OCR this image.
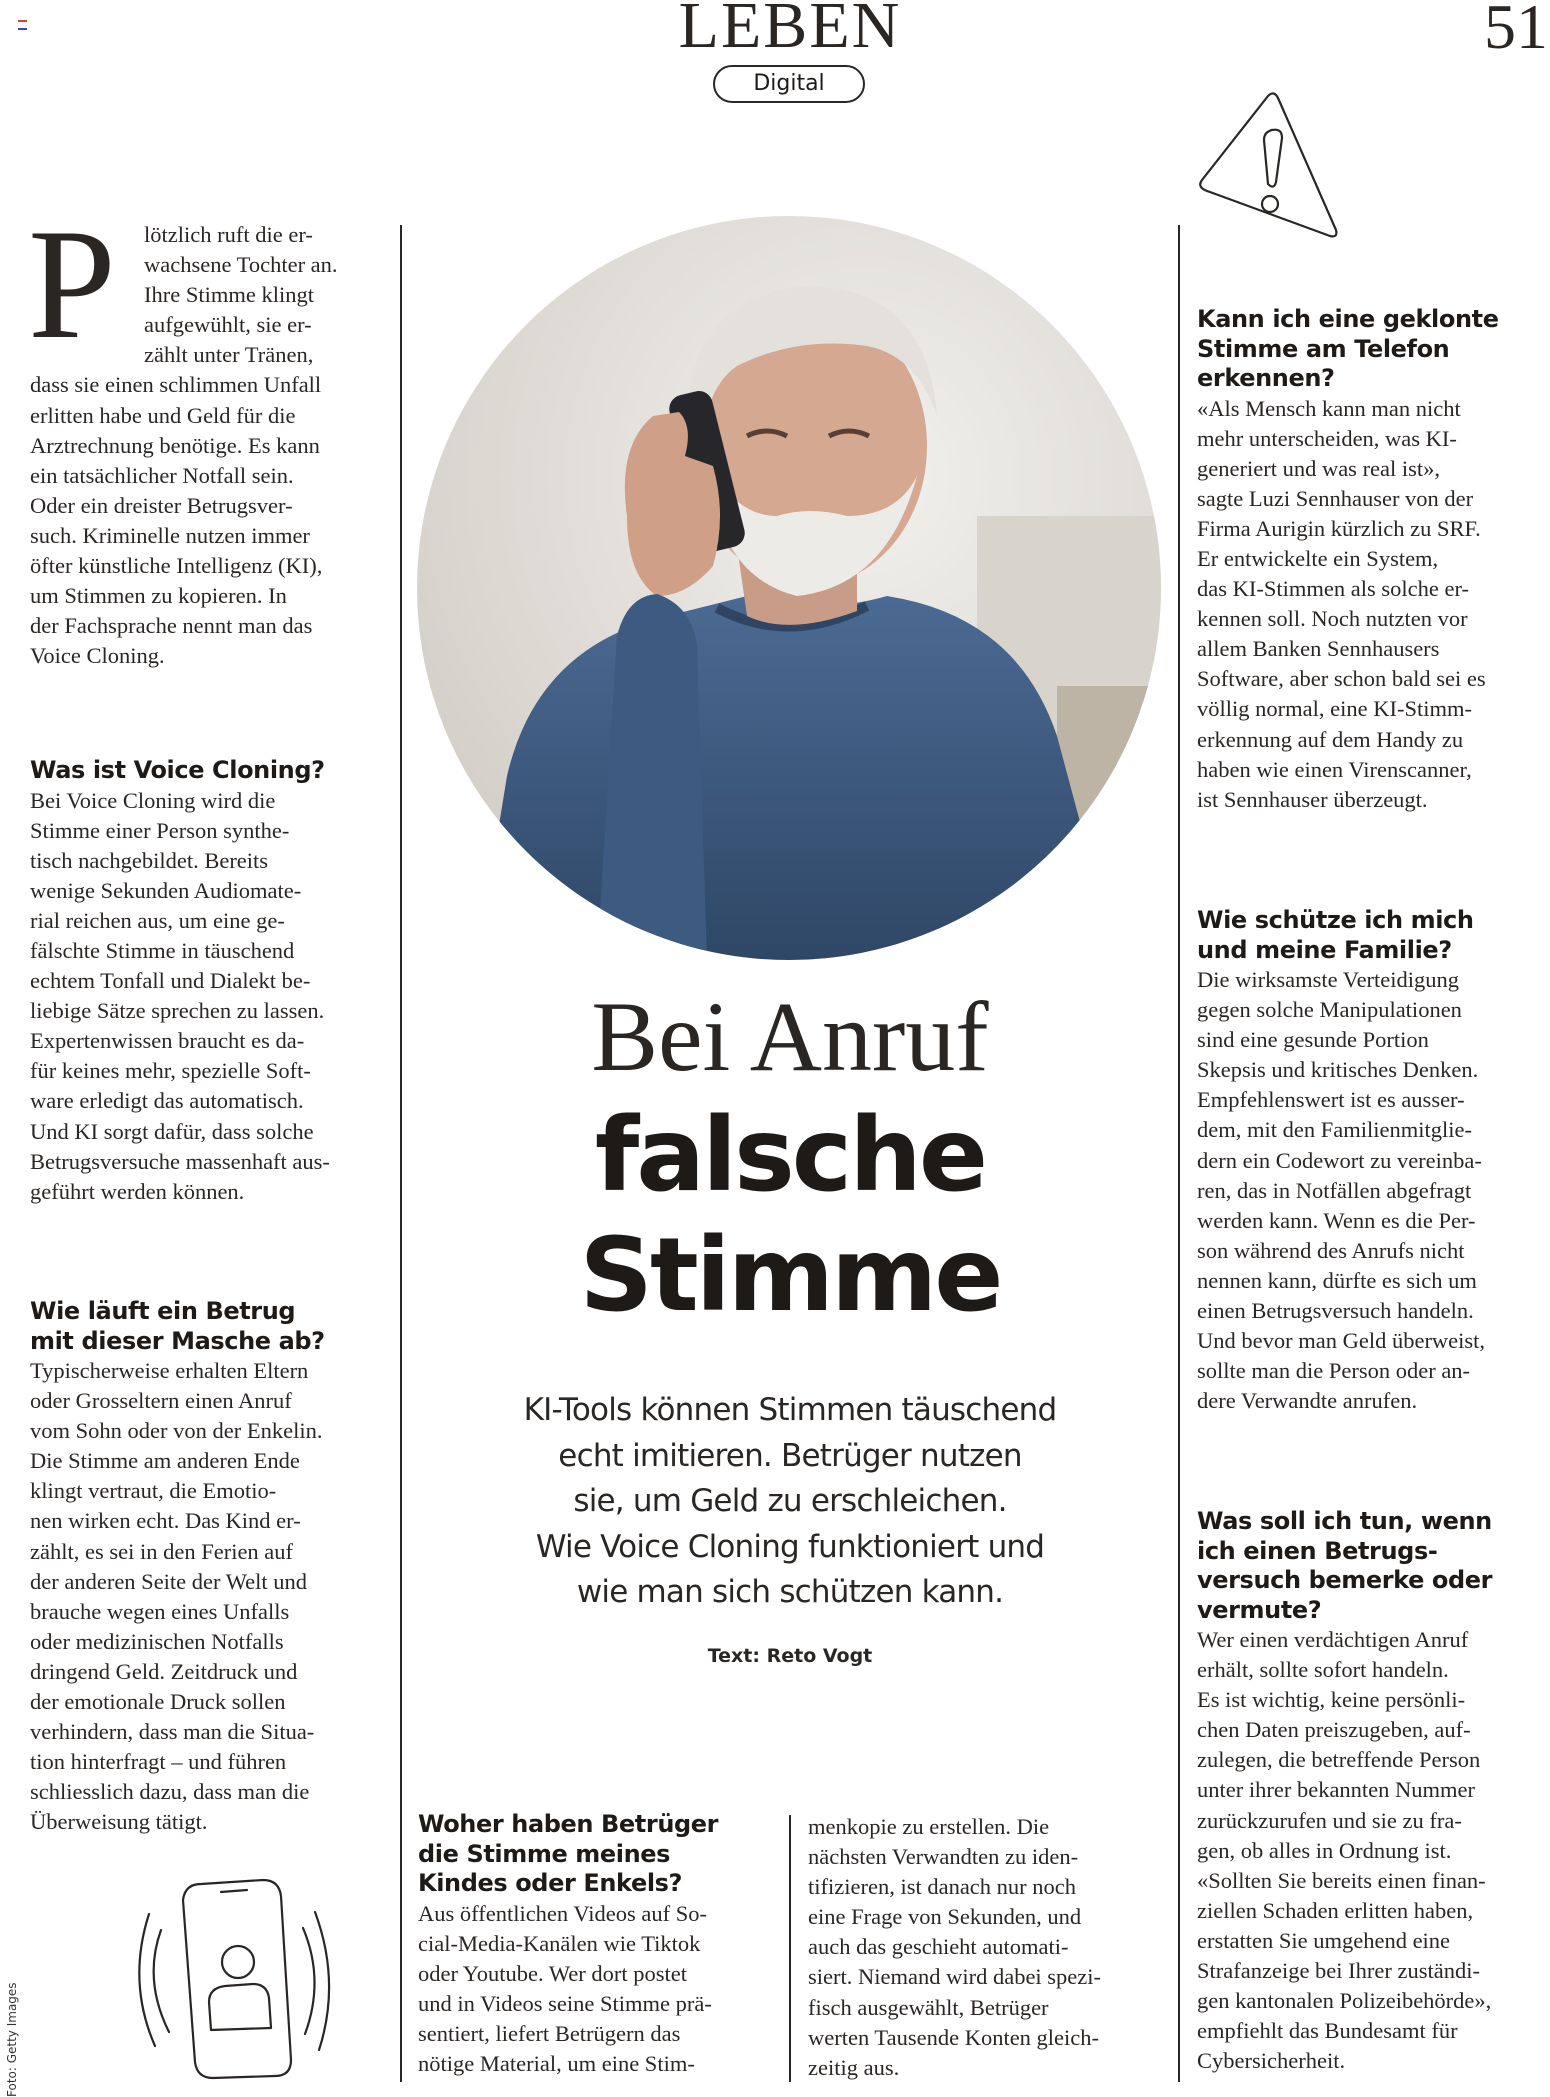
LEBEN
Digital
51
P lötzlich ruft die er-

wachsene Tochter an.

Ihre Stimme klingt

aufgewühlt, sie er-

zählt unter Tränen,

dass sie einen schlimmen Unfall

erlitten habe und Geld für die

Arztrechnung benötige. Es kann

ein tatsächlicher Notfall sein.

Oder ein dreister Betrugsver-

such. Kriminelle nutzen immer

öfter künstliche Intelligenz (KI),

um Stimmen zu kopieren. In

der Fachsprache nennt man das

Voice Cloning.

Was ist Voice Cloning?

Bei Voice Cloning wird die

Stimme einer Person synthe-

tisch nachgebildet. Bereits

wenige Sekunden Audiomate-

rial reichen aus, um eine ge-

fälschte Stimme in täuschend

echtem Tonfall und Dialekt be-

liebige Sätze sprechen zu lassen.

Expertenwissen braucht es da-

für keines mehr, spezielle Soft-

ware erledigt das automatisch.

Und KI sorgt dafür, dass solche

Betrugsversuche massenhaft aus-

geführt werden können.

Wie läuft ein Betrug
mit dieser Masche ab?

Typischerweise erhalten Eltern

oder Grosseltern einen Anruf

vom Sohn oder von der Enkelin.

Die Stimme am anderen Ende

klingt vertraut, die Emotio-

nen wirken echt. Das Kind er-

zählt, es sei in den Ferien auf

der anderen Seite der Welt und

brauche wegen eines Unfalls

oder medizinischen Notfalls

dringend Geld. Zeitdruck und

der emotionale Druck sollen

verhindern, dass man die Situa-

tion hinterfragt – und führen

schliesslich dazu, dass man die

Überweisung tätigt.

Bei Anruf
falsche
Stimme
KI-Tools können Stimmen täuschend
echt imitieren. Betrüger nutzen
sie, um Geld zu erschleichen.
Wie Voice Cloning funktioniert und
wie man sich schützen kann.
Text: Reto Vogt
Woher haben Betrüger
die Stimme meines
Kindes oder Enkels?

Aus öffentlichen Videos auf So-

cial-Media-Kanälen wie Tiktok

oder Youtube. Wer dort postet

und in Videos seine Stimme prä-

sentiert, liefert Betrügern das

nötige Material, um eine Stim-

menkopie zu erstellen. Die

nächsten Verwandten zu iden-

tifizieren, ist danach nur noch

eine Frage von Sekunden, und

auch das geschieht automati-

siert. Niemand wird dabei spezi-

fisch ausgewählt, Betrüger

werten Tausende Konten gleich-

zeitig aus.

Kann ich eine geklonte
Stimme am Telefon
erkennen?

«Als Mensch kann man nicht

mehr unterscheiden, was KI-

generiert und was real ist»,

sagte Luzi Sennhauser von der

Firma Aurigin kürzlich zu SRF.

Er entwickelte ein System,

das KI-Stimmen als solche er-

kennen soll. Noch nutzten vor

allem Banken Sennhausers

Software, aber schon bald sei es

völlig normal, eine KI-Stimm-

erkennung auf dem Handy zu

haben wie einen Virenscanner,

ist Sennhauser überzeugt.

Wie schütze ich mich
und meine Familie?

Die wirksamste Verteidigung

gegen solche Manipulationen

sind eine gesunde Portion

Skepsis und kritisches Denken.

Empfehlenswert ist es ausser-

dem, mit den Familienmitglie-

dern ein Codewort zu vereinba-

ren, das in Notfällen abgefragt

werden kann. Wenn es die Per-

son während des Anrufs nicht

nennen kann, dürfte es sich um

einen Betrugsversuch handeln.

Und bevor man Geld überweist,

sollte man die Person oder an-

dere Verwandte anrufen.

Was soll ich tun, wenn
ich einen Betrugs-
versuch bemerke oder
vermute?

Wer einen verdächtigen Anruf

erhält, sollte sofort handeln.

Es ist wichtig, keine persönli-

chen Daten preiszugeben, auf-

zulegen, die betreffende Person

unter ihrer bekannten Nummer

zurückzurufen und sie zu fra-

gen, ob alles in Ordnung ist.

«Sollten Sie bereits einen finan-

ziellen Schaden erlitten haben,

erstatten Sie umgehend eine

Strafanzeige bei Ihrer zuständi-

gen kantonalen Polizeibehörde»,

empfiehlt das Bundesamt für

Cybersicherheit.

Foto: Getty Images
